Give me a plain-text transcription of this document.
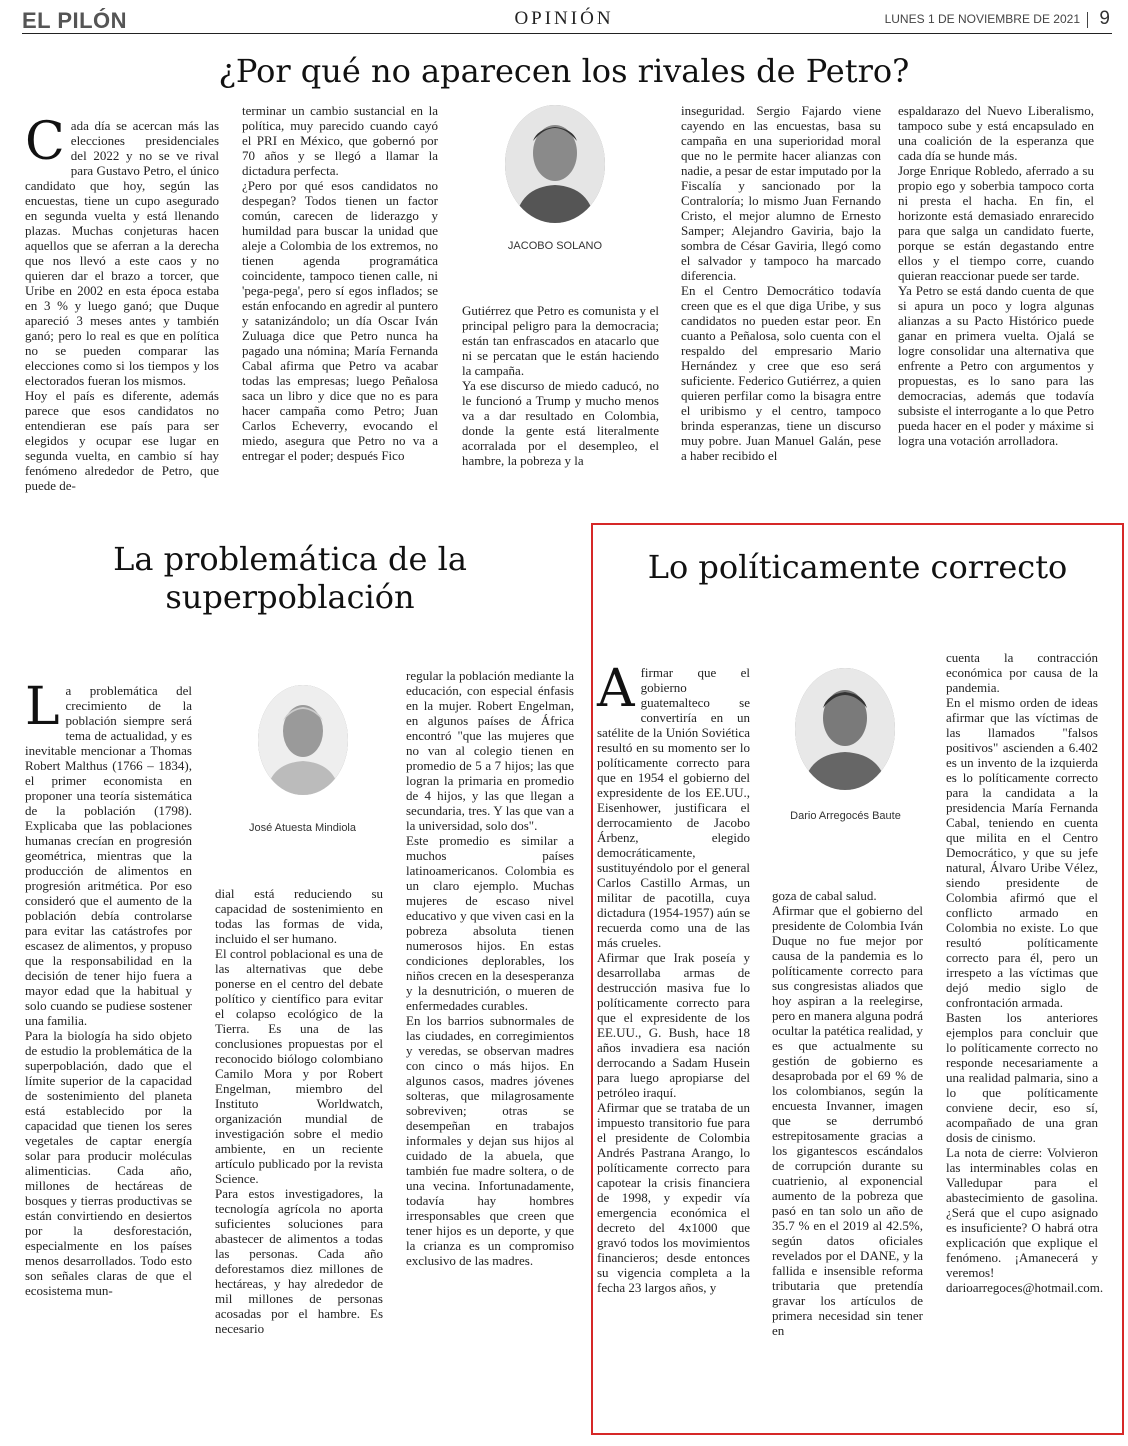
EL PILÓN	OPINIÓN	LUNES 1 DE NOVIEMBRE DE 2021 9
¿Por qué no aparecen los rivales de Petro?

Cada día se acercan más las elecciones presidenciales del 2022 y no se ve rival para Gustavo Petro, el único candidato que hoy, según las encuestas, tiene un cupo asegurado en segunda vuelta y está llenando plazas. Muchas conjeturas hacen aquellos que se aferran a la derecha que nos llevó a este caos y no quieren dar el brazo a torcer, que Uribe en 2002 en esta época estaba en 3 % y luego ganó; que Duque apareció 3 meses antes y también ganó; pero lo real es que en política no se pueden comparar las elecciones como si los tiempos y los electorados fueran los mismos.
Hoy el país es diferente, además parece que esos candidatos no entendieran ese país para ser elegidos y ocupar ese lugar en segunda vuelta, en cambio sí hay fenómeno alrededor de Petro, que puede de-

terminar un cambio sustancial en la política, muy parecido cuando cayó el PRI en México, que gobernó por 70 años y se llegó a llamar la dictadura perfecta.
¿Pero por qué esos candidatos no despegan? Todos tienen un factor común, carecen de liderazgo y humildad para buscar la unidad que aleje a Colombia de los extremos, no tienen agenda programática coincidente, tampoco tienen calle, ni 'pega-pega', pero sí egos inflados; se están enfocando en agredir al puntero y satanizándolo; un día Oscar Iván Zuluaga dice que Petro nunca ha pagado una nómina; María Fernanda Cabal afirma que Petro va acabar todas las empresas; luego Peñalosa saca un libro y dice que no es para hacer campaña como Petro; Juan Carlos Echeverry, evocando el miedo, asegura que Petro no va a entregar el poder; después Fico
JACOBO SOLANO
Gutiérrez que Petro es comunista y el principal peligro para la democracia; están tan enfrascados en atacarlo que ni se percatan que le están haciendo la campaña.
Ya ese discurso de miedo caducó, no le funcionó a Trump y mucho menos va a dar resultado en Colombia, donde la gente está literalmente acorralada por el desempleo, el hambre, la pobreza y la
inseguridad. Sergio Fajardo viene cayendo en las encuestas, basa su campaña en una superioridad moral que no le permite hacer alianzas con nadie, a pesar de estar imputado por la Fiscalía y sancionado por la Contraloría; lo mismo Juan Fernando Cristo, el mejor alumno de Ernesto Samper; Alejandro Gaviria, bajo la sombra de César Gaviria, llegó como el salvador y tampoco ha marcado diferencia.
En el Centro Democrático todavía creen que es el que diga Uribe, y sus candidatos no pueden estar peor. En cuanto a Peñalosa, solo cuenta con el respaldo del empresario Mario Hernández y cree que eso será suficiente. Federico Gutiérrez, a quien quieren perfilar como la bisagra entre el uribismo y el centro, tampoco brinda esperanzas, tiene un discurso muy pobre. Juan Manuel Galán, pese a haber recibido el
espaldarazo del Nuevo Liberalismo, tampoco sube y está encapsulado en una coalición de la esperanza que cada día se hunde más.
Jorge Enrique Robledo, aferrado a su propio ego y soberbia tampoco corta ni presta el hacha. En fin, el horizonte está demasiado enrarecido para que salga un candidato fuerte, porque se están degastando entre ellos y el tiempo corre, cuando quieran reaccionar puede ser tarde.
Ya Petro se está dando cuenta de que si apura un poco y logra algunas alianzas a su Pacto Histórico puede ganar en primera vuelta. Ojalá se logre consolidar una alternativa que enfrente a Petro con argumentos y propuestas, es lo sano para las democracias, además que todavía subsiste el interrogante a lo que Petro pueda hacer en el poder y máxime si logra una votación arrolladora.
La problemática de la
superpoblación

La problemática del crecimiento de la población siempre será tema de actualidad, y es inevitable mencionar a Thomas Robert Malthus (1766 – 1834), el primer economista en proponer una teoría sistemática de la población (1798). Explicaba que las poblaciones humanas crecían en progresión geométrica, mientras que la producción de alimentos en progresión aritmética. Por eso consideró que el aumento de la población debía controlarse para evitar las catástrofes por escasez de alimentos, y propuso que la responsabilidad en la decisión de tener hijo fuera a mayor edad que la habitual y solo cuando se pudiese sostener una familia.
Para la biología ha sido objeto de estudio la problemática de la superpoblación, dado que el límite superior de la capacidad de sostenimiento del planeta está establecido por la capacidad que tienen los seres vegetales de captar energía solar para producir moléculas alimenticias. Cada año, millones de hectáreas de bosques y tierras productivas se están convirtiendo en desiertos por la desforestación, especialmente en los países menos desarrollados. Todo esto son señales claras de que el ecosistema mun-

José Atuesta Mindiola
dial está reduciendo su capacidad de sostenimiento en todas las formas de vida, incluido el ser humano.
El control poblacional es una de las alternativas que debe ponerse en el centro del debate político y científico para evitar el colapso ecológico de la Tierra. Es una de las conclusiones propuestas por el reconocido biólogo colombiano Camilo Mora y por Robert Engelman, miembro del Instituto Worldwatch, organización mundial de investigación sobre el medio ambiente, en un reciente artículo publicado por la revista Science.
Para estos investigadores, la tecnología agrícola no aporta suficientes soluciones para abastecer de alimentos a todas las personas. Cada año deforestamos diez millones de hectáreas, y hay alrededor de mil millones de personas acosadas por el hambre. Es necesario
regular la población mediante la educación, con especial énfasis en la mujer. Robert Engelman, en algunos países de África encontró "que las mujeres que no van al colegio tienen en promedio de 5 a 7 hijos; las que logran la primaria en promedio de 4 hijos, y las que llegan a secundaria, tres. Y las que van a la universidad, solo dos".
Este promedio es similar a muchos países latinoamericanos. Colombia es un claro ejemplo. Muchas mujeres de escaso nivel educativo y que viven casi en la pobreza absoluta tienen numerosos hijos. En estas condiciones deplorables, los niños crecen en la desesperanza y la desnutrición, o mueren de enfermedades curables.
En los barrios subnormales de las ciudades, en corregimientos y veredas, se observan madres con cinco o más hijos. En algunos casos, madres jóvenes solteras, que milagrosamente sobreviven; otras se desempeñan en trabajos informales y dejan sus hijos al cuidado de la abuela, que también fue madre soltera, o de una vecina. Infortunadamente, todavía hay hombres irresponsables que creen que tener hijos es un deporte, y que la crianza es un compromiso exclusivo de las madres.
Lo políticamente correcto

Afirmar que el gobierno guatemalteco se convertiría en un satélite de la Unión Soviética resultó en su momento ser lo políticamente correcto para que en 1954 el gobierno del expresidente de los EE.UU., Eisenhower, justificara el derrocamiento de Jacobo Árbenz, elegido democráticamente, sustituyéndolo por el general Carlos Castillo Armas, un militar de pacotilla, cuya dictadura (1954-1957) aún se recuerda como una de las más crueles.
Afirmar que Irak poseía y desarrollaba armas de destrucción masiva fue lo políticamente correcto para que el expresidente de los EE.UU., G. Bush, hace 18 años invadiera esa nación derrocando a Sadam Husein para luego apropiarse del petróleo iraquí.
Afirmar que se trataba de un impuesto transitorio fue para el presidente de Colombia Andrés Pastrana Arango, lo políticamente correcto para capotear la crisis financiera de 1998, y expedir vía emergencia económica el decreto del 4x1000 que gravó todos los movimientos financieros; desde entonces su vigencia completa a la fecha 23 largos años, y

Dario Arregocés Baute
goza de cabal salud.
Afirmar que el gobierno del presidente de Colombia Iván Duque no fue mejor por causa de la pandemia es lo políticamente correcto para sus congresistas aliados que hoy aspiran a la reelegirse, pero en manera alguna podrá ocultar la patética realidad, y es que actualmente su gestión de gobierno es desaprobada por el 69 % de los colombianos, según la encuesta Invanner, imagen que se derrumbó estrepitosamente gracias a los gigantescos escándalos de corrupción durante su cuatrienio, al exponencial aumento de la pobreza que pasó en tan solo un año de 35.7 % en el 2019 al 42.5%, según datos oficiales revelados por el DANE, y la fallida e insensible reforma tributaria que pretendía gravar los artículos de primera necesidad sin tener en
cuenta la contracción económica por causa de la pandemia.
En el mismo orden de ideas afirmar que las víctimas de las llamados "falsos positivos" ascienden a 6.402 es un invento de la izquierda es lo políticamente correcto para la candidata a la presidencia María Fernanda Cabal, teniendo en cuenta que milita en el Centro Democrático, y que su jefe natural, Álvaro Uribe Vélez, siendo presidente de Colombia afirmó que el conflicto armado en Colombia no existe. Lo que resultó políticamente correcto para él, pero un irrespeto a las víctimas que dejó medio siglo de confrontación armada.
Basten los anteriores ejemplos para concluir que lo políticamente correcto no responde necesariamente a una realidad palmaria, sino a lo que políticamente conviene decir, eso sí, acompañado de una gran dosis de cinismo.
La nota de cierre: Volvieron las interminables colas en Valledupar para el abastecimiento de gasolina. ¿Será que el cupo asignado es insuficiente? O habrá otra explicación que explique el fenómeno. ¡Amanecerá y veremos! darioarregoces@hotmail.com.
